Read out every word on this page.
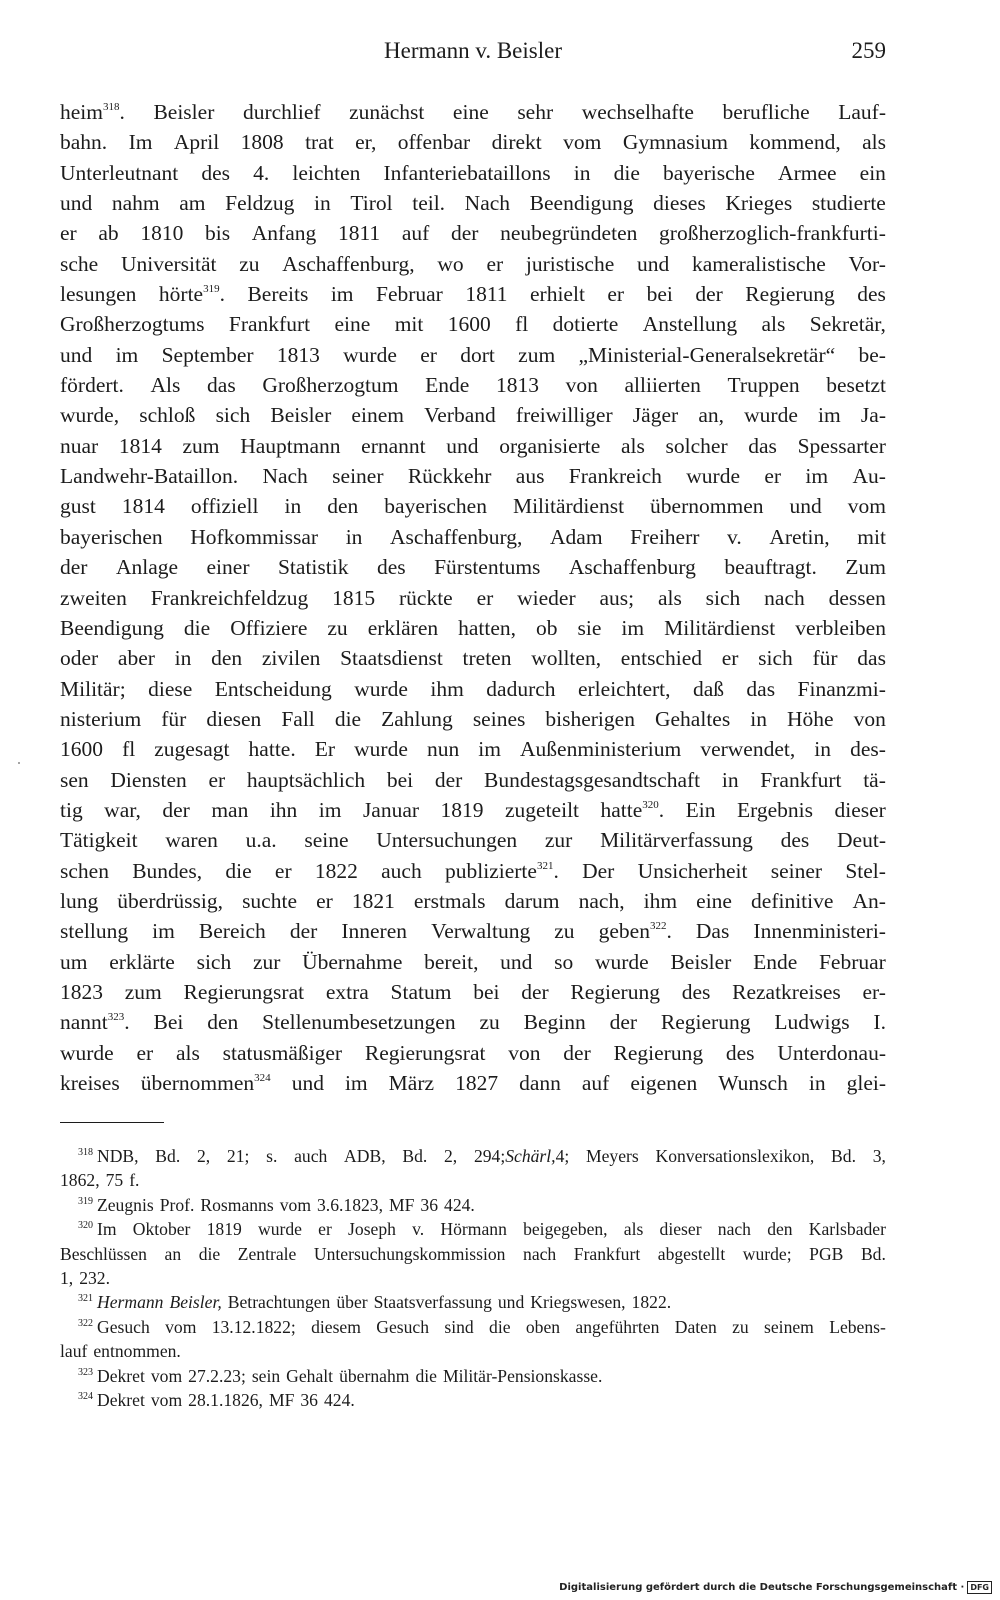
Hermann v. Beisler	259
heim$^{318}$. Beisler durchlief zunächst eine sehr wechselhafte berufliche Lauf-
bahn. Im April 1808 trat er, offenbar direkt vom Gymnasium kommend, als
Unterleutnant des 4. leichten Infanteriebataillons in die bayerische Armee ein
und nahm am Feldzug in Tirol teil. Nach Beendigung dieses Krieges studierte
er ab 1810 bis Anfang 1811 auf der neubegründeten großherzoglich-frankfurti-
sche Universität zu Aschaffenburg, wo er juristische und kameralistische Vor-
lesungen hörte$^{319}$. Bereits im Februar 1811 erhielt er bei der Regierung des
Großherzogtums Frankfurt eine mit 1600 fl dotierte Anstellung als Sekretär,
und im September 1813 wurde er dort zum „Ministerial-Generalsekretär“ be-
fördert. Als das Großherzogtum Ende 1813 von alliierten Truppen besetzt
wurde, schloß sich Beisler einem Verband freiwilliger Jäger an, wurde im Ja-
nuar 1814 zum Hauptmann ernannt und organisierte als solcher das Spessarter
Landwehr-Bataillon. Nach seiner Rückkehr aus Frankreich wurde er im Au-
gust 1814 offiziell in den bayerischen Militärdienst übernommen und vom
bayerischen Hofkommissar in Aschaffenburg, Adam Freiherr v. Aretin, mit
der Anlage einer Statistik des Fürstentums Aschaffenburg beauftragt. Zum
zweiten Frankreichfeldzug 1815 rückte er wieder aus; als sich nach dessen
Beendigung die Offiziere zu erklären hatten, ob sie im Militärdienst verbleiben
oder aber in den zivilen Staatsdienst treten wollten, entschied er sich für das
Militär; diese Entscheidung wurde ihm dadurch erleichtert, daß das Finanzmi-
nisterium für diesen Fall die Zahlung seines bisherigen Gehaltes in Höhe von
1600 fl zugesagt hatte. Er wurde nun im Außenministerium verwendet, in des-
sen Diensten er hauptsächlich bei der Bundestagsgesandtschaft in Frankfurt tä-
tig war, der man ihn im Januar 1819 zugeteilt hatte$^{320}$. Ein Ergebnis dieser
Tätigkeit waren u.a. seine Untersuchungen zur Militärverfassung des Deut-
schen Bundes, die er 1822 auch publizierte$^{321}$. Der Unsicherheit seiner Stel-
lung überdrüssig, suchte er 1821 erstmals darum nach, ihm eine definitive An-
stellung im Bereich der Inneren Verwaltung zu geben$^{322}$. Das Innenministeri-
um erklärte sich zur Übernahme bereit, und so wurde Beisler Ende Februar
1823 zum Regierungsrat extra Statum bei der Regierung des Rezatkreises er-
nannt$^{323}$. Bei den Stellenumbesetzungen zu Beginn der Regierung Ludwigs I.
wurde er als statusmäßiger Regierungsrat von der Regierung des Unterdonau-
kreises übernommen$^{324}$ und im März 1827 dann auf eigenen Wunsch in glei-
318 NDB, Bd. 2, 21; s. auch ADB, Bd. 2, 294;Schärl,4; Meyers Konversationslexikon, Bd. 3,
1862, 75 f.
319 Zeugnis Prof. Rosmanns vom 3.6.1823, MF 36 424.
320 Im Oktober 1819 wurde er Joseph v. Hörmann beigegeben, als dieser nach den Karlsbader
Beschlüssen an die Zentrale Untersuchungskommission nach Frankfurt abgestellt wurde; PGB Bd.
1, 232.
321 Hermann Beisler, Betrachtungen über Staatsverfassung und Kriegswesen, 1822.
322 Gesuch vom 13.12.1822; diesem Gesuch sind die oben angeführten Daten zu seinem Lebens-
lauf entnommen.
323 Dekret vom 27.2.23; sein Gehalt übernahm die Militär-Pensionskasse.
324 Dekret vom 28.1.1826, MF 36 424.
Digitalisierung gefördert durch die Deutsche Forschungsgemeinschaft · DFG
